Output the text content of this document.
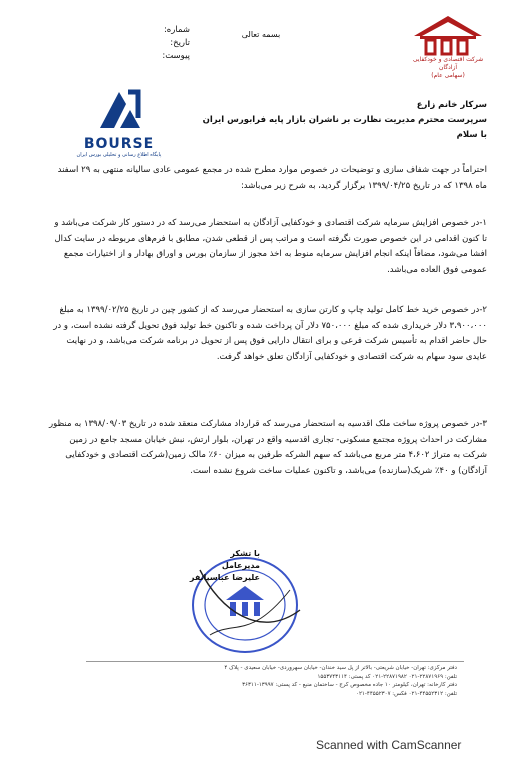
شرکت اقتصادی و خودکفایی آزادگان
(سهامی عام)
بسمه تعالی
شماره:
تاریخ:
پیوست:
BOURSE
پایگاه اطلاع رسانی و تحلیلی بورس ایران
سرکار خانم زارع
سرپرست محترم مدیریت نظارت بر ناشران بازار پایه فرابورس ایران
با سلام
احتراماً در جهت شفاف سازی و توضیحات در خصوص موارد مطرح شده در مجمع عمومی عادی سالیانه منتهی به ۲۹ اسفند ماه ۱۳۹۸ که در تاریخ ۱۳۹۹/۰۴/۲۵ برگزار گردید، به شرح زیر می‌باشد:
۱-در خصوص افزایش سرمایه شرکت اقتصادی و خودکفایی آزادگان به استحضار می‌رسد که در دستور کار شرکت می‌باشد و تا کنون اقدامی در این خصوص صورت نگرفته است و مراتب پس از قطعی شدن، مطابق با فرم‌های مربوطه در سایت کدال افشا می‌شود، مضافاً اینکه انجام افزایش سرمایه منوط به اخذ مجوز از سازمان بورس و اوراق بهادار و از اختیارات مجمع عمومی فوق العاده می‌باشد.
۲-در خصوص خرید خط کامل تولید چاپ و کارتن سازی به استحضار می‌رسد که از کشور چین در تاریخ ۱۳۹۹/۰۲/۲۵ به مبلغ ۳،۹۰۰،۰۰۰ دلار خریداری شده که مبلغ ۷۵۰،۰۰۰ دلار آن پرداخت شده و تاکنون خط تولید فوق تحویل گرفته نشده است، و در حال حاضر اقدام به تأسیس شرکت فرعی و برای انتقال دارایی فوق پس از تحویل در برنامه شرکت می‌باشد، و در نهایت عایدی سود سهام به شرکت اقتصادی و خودکفایی آزادگان تعلق خواهد گرفت.
۳-در خصوص پروژه ساخت ملک اقدسیه به استحضار می‌رسد که قرارداد مشارکت منعقد شده در تاریخ ۱۳۹۸/۰۹/۰۳ به منظور مشارکت در احداث پروژه مجتمع مسکونی- تجاری اقدسیه واقع در تهران، بلوار ارتش، نبش خیابان مسجد جامع در زمین شرکت به متراژ ۴،۶۰۲ متر مربع می‌باشد که سهم الشرکه طرفین به میزان ۶۰٪ مالک زمین(شرکت اقتصادی و خودکفایی آزادگان) و ۴۰٪ شریک(سازنده) می‌باشد، و تاکنون عملیات ساخت شروع نشده است.
با تشکر
مدیرعامل
علیرضا عباسیانفر
دفتر مرکزی: تهران- خیابان شریعتی- بالاتر از پل سید خندان- خیابان سهروردی- خیابان سعیدی - پلاک ۴
تلفن: ۲۲۸۷۱۹۶۹-۰۲۱ ۲۲۸۷۱۹۸۲-۰۲۱ کد پستی: ۱۵۵۳۷۴۳۱۱۴
دفتر کارخانه: تهران، کیلومتر ۱۰ جاده مخصوص کرج - ساختمان منبع - کد پستی: ۱۳۹۹۷-۳۶۳۱۱
تلفن: ۴۴۵۵۲۳۱۲-۰۲۱ فکس: ۴۴۵۵۲۳۰۷-۰۲۱
Scanned with CamScanner
